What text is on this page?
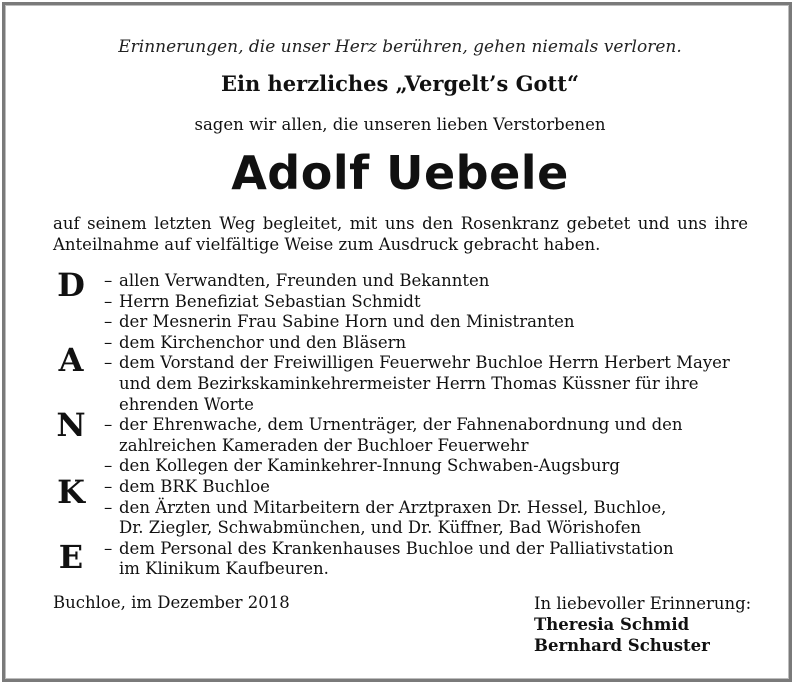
Erinnerungen, die unser Herz berühren, gehen niemals verloren.
Ein herzliches „Vergelt’s Gott“
sagen wir allen, die unseren lieben Verstorbenen
Adolf Uebele
auf seinem letzten Weg begleitet, mit uns den Rosenkranz gebetet und uns ihre
Anteilnahme auf vielfältige Weise zum Ausdruck gebracht haben.
D
A
N
K
E
– allen Verwandten, Freunden und Bekannten
– Herrn Benefiziat Sebastian Schmidt
– der Mesnerin Frau Sabine Horn und den Ministranten
– dem Kirchenchor und den Bläsern
– dem Vorstand der Freiwilligen Feuerwehr Buchloe Herrn Herbert Mayer
und dem Bezirkskaminkehrermeister Herrn Thomas Küssner für ihre
ehrenden Worte
– der Ehrenwache, dem Urnenträger, der Fahnenabordnung und den
zahlreichen Kameraden der Buchloer Feuerwehr
– den Kollegen der Kaminkehrer-Innung Schwaben-Augsburg
– dem BRK Buchloe
– den Ärzten und Mitarbeitern der Arztpraxen Dr. Hessel, Buchloe,
Dr. Ziegler, Schwabmünchen, und Dr. Küffner, Bad Wörishofen
– dem Personal des Krankenhauses Buchloe und der Palliativstation
im Klinikum Kaufbeuren.
Buchloe, im Dezember 2018	In liebevoller Erinnerung:
Theresia Schmid
Bernhard Schuster
